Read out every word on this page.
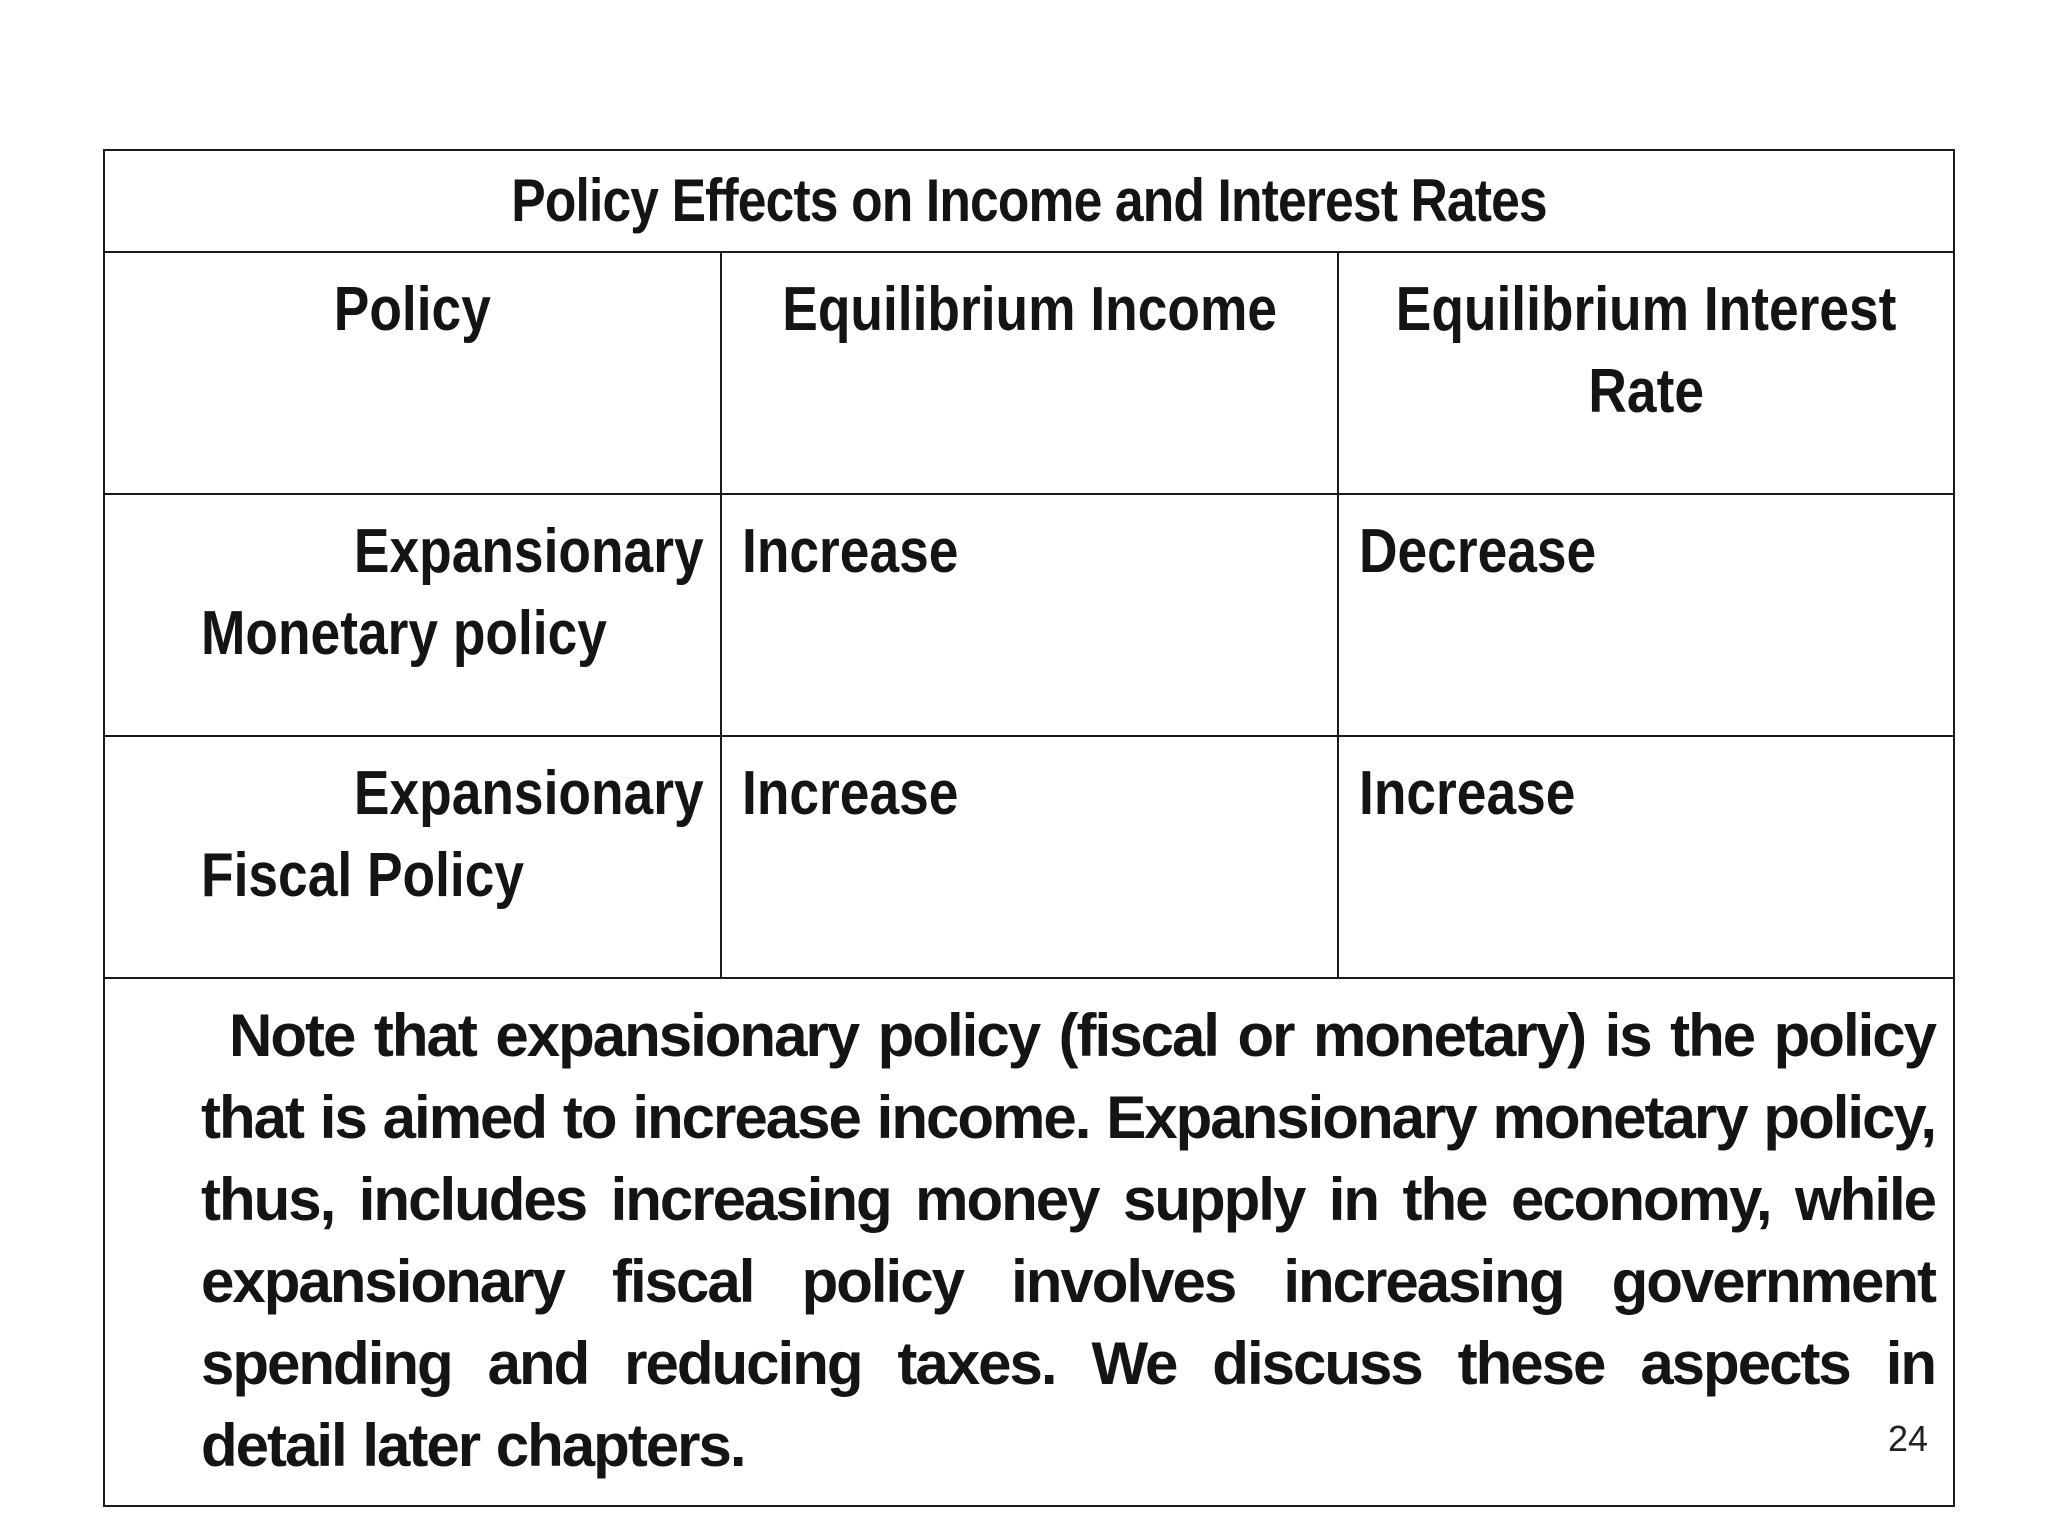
Policy Effects on Income and Interest Rates		
Policy	Equilibrium Income	Equilibrium Interest
Rate

Expansionary
Monetary policy	Increase	Decrease

Expansionary
Fiscal Policy	Increase	Increase
Note that expansionary policy (fiscal or monetary) is the policy that is aimed to increase income. Expansionary monetary policy, thus, includes increasing money supply in the economy, while expansionary fiscal policy involves increasing government spending and reducing taxes. We discuss these aspects in detail later chapters.			24
